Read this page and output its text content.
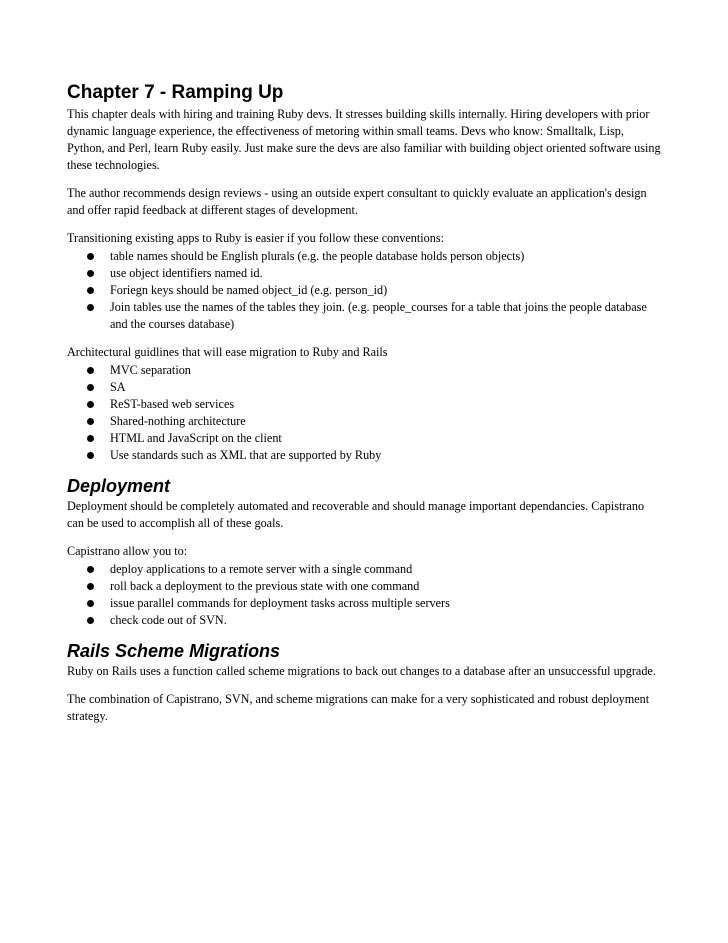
Chapter 7 - Ramping Up

This chapter deals with hiring and training Ruby devs. It stresses building skills internally. Hiring developers with prior dynamic language experience, the effectiveness of metoring within small teams. Devs who know: Smalltalk, Lisp, Python, and Perl, learn Ruby easily. Just make sure the devs are also familiar with building object oriented software using these technologies.

The author recommends design reviews - using an outside expert consultant to quickly evaluate an application's design and offer rapid feedback at different stages of development.

Transitioning existing apps to Ruby is easier if you follow these conventions:

table names should be English plurals (e.g. the people database holds person objects)
use object identifiers named id.
Foriegn keys should be named object_id (e.g. person_id)
Join tables use the names of the tables they join. (e.g. people_courses for a table that joins the people database and the courses database)

Architectural guidlines that will ease migration to Ruby and Rails

MVC separation
SA
ReST-based web services
Shared-nothing architecture
HTML and JavaScript on the client
Use standards such as XML that are supported by Ruby
Deployment

Deployment should be completely automated and recoverable and should manage important dependancies. Capistrano can be used to accomplish all of these goals.

Capistrano allow you to:

deploy applications to a remote server with a single command
roll back a deployment to the previous state with one command
issue parallel commands for deployment tasks across multiple servers
check code out of SVN.
Rails Scheme Migrations

Ruby on Rails uses a function called scheme migrations to back out changes to a database after an unsuccessful upgrade.

The combination of Capistrano, SVN, and scheme migrations can make for a very sophisticated and robust deployment strategy.
